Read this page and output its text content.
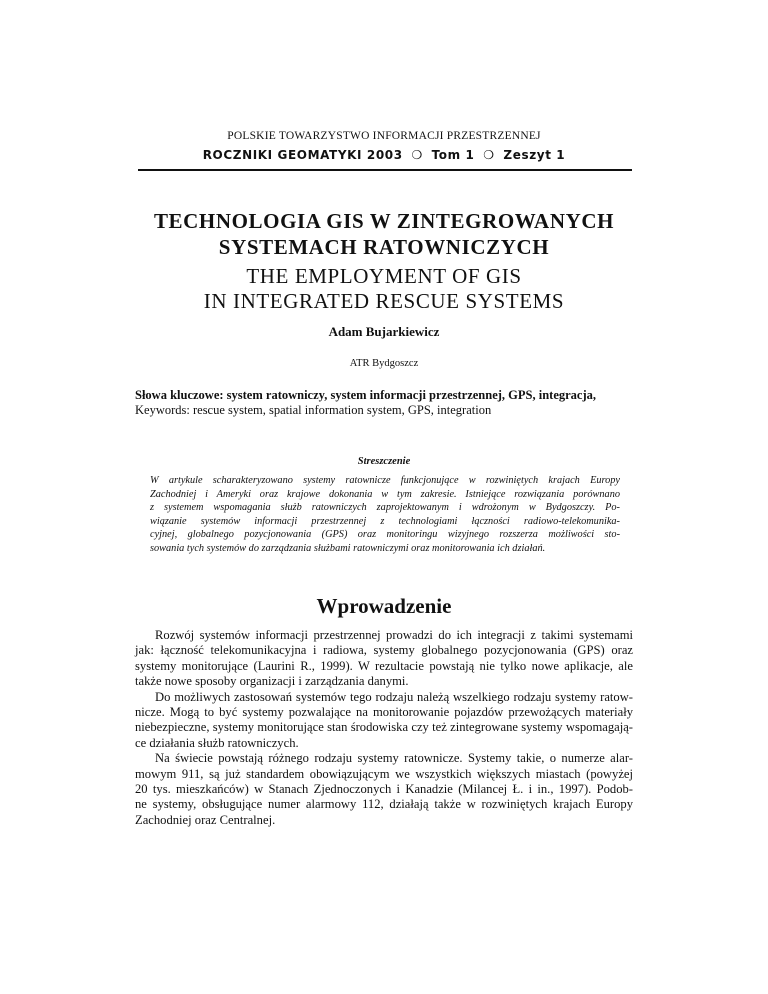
POLSKIE TOWARZYSTWO INFORMACJI PRZESTRZENNEJ
ROCZNIKI GEOMATYKI 2003 ❍ Tom 1 ❍ Zeszyt 1
TECHNOLOGIA GIS W ZINTEGROWANYCH
SYSTEMACH RATOWNICZYCH
THE EMPLOYMENT OF GIS
IN INTEGRATED RESCUE SYSTEMS
Adam Bujarkiewicz
ATR Bydgoszcz
Słowa kluczowe: system ratowniczy, system informacji przestrzennej, GPS, integracja,
Keywords: rescue system, spatial information system, GPS, integration
Streszczenie
W artykule scharakteryzowano systemy ratownicze funkcjonujące w rozwiniętych krajach Europy
Zachodniej i Ameryki oraz krajowe dokonania w tym zakresie. Istniejące rozwiązania porównano
z systemem wspomagania służb ratowniczych zaprojektowanym i wdrożonym w Bydgoszczy. Po-
wiązanie systemów informacji przestrzennej z technologiami łączności radiowo-telekomunika-
cyjnej, globalnego pozycjonowania (GPS) oraz monitoringu wizyjnego rozszerza możliwości sto-
sowania tych systemów do zarządzania służbami ratowniczymi oraz monitorowania ich działań.
Wprowadzenie
Rozwój systemów informacji przestrzennej prowadzi do ich integracji z takimi systemami
jak: łączność telekomunikacyjna i radiowa, systemy globalnego pozycjonowania (GPS) oraz
systemy monitorujące (Laurini R., 1999). W rezultacie powstają nie tylko nowe aplikacje, ale
także nowe sposoby organizacji i zarządzania danymi.
Do możliwych zastosowań systemów tego rodzaju należą wszelkiego rodzaju systemy ratow-
nicze. Mogą to być systemy pozwalające na monitorowanie pojazdów przewożących materiały
niebezpieczne, systemy monitorujące stan środowiska czy też zintegrowane systemy wspomagają-
ce działania służb ratowniczych.
Na świecie powstają różnego rodzaju systemy ratownicze. Systemy takie, o numerze alar-
mowym 911, są już standardem obowiązującym we wszystkich większych miastach (powyżej
20 tys. mieszkańców) w Stanach Zjednoczonych i Kanadzie (Milancej Ł. i in., 1997). Podob-
ne systemy, obsługujące numer alarmowy 112, działają także w rozwiniętych krajach Europy
Zachodniej oraz Centralnej.
